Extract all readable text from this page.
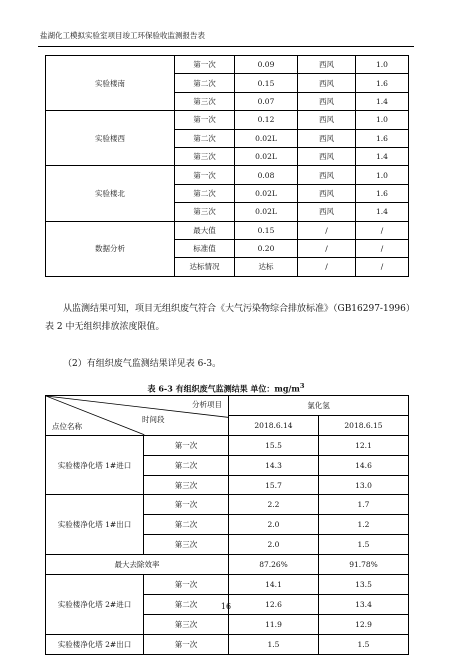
盐湖化工模拟实验室项目竣工环保验收监测报告表
实验楼南	第一次	0.09	西风	1.0
	第二次	0.15	西风	1.6
	第三次	0.07	西风	1.4
实验楼西	第一次	0.12	西风	1.0
	第二次	0.02L	西风	1.6
	第三次	0.02L	西风	1.4
实验楼北	第一次	0.08	西风	1.0
	第二次	0.02L	西风	1.6
	第三次	0.02L	西风	1.4
数据分析	最大值	0.15	/	/
	标准值	0.20	/	/
	达标情况	达标	/	/
从监测结果可知，项目无组织废气符合《大气污染物综合排放标准》（GB16297-1996）表 2 中无组织排放浓度限值。
（2）有组织废气监测结果详见表 6-3。
表 6-3 有组织废气监测结果 单位：$mg/m^3$
分析项目
点位名称
时间段		氯化氢	
		2018.6.14	2018.6.15
实验楼净化塔 1#进口	第一次	15.5	12.1
	第二次	14.3	14.6
	第三次	15.7	13.0
实验楼净化塔 1#出口	第一次	2.2	1.7
	第二次	2.0	1.2
	第三次	2.0	1.5
最大去除效率		87.26%	91.78%
实验楼净化塔 2#进口	第一次	14.1	13.5
	第二次	12.6	13.4
	第三次	11.9	12.9
实验楼净化塔 2#出口	第一次	1.5	1.5
16
